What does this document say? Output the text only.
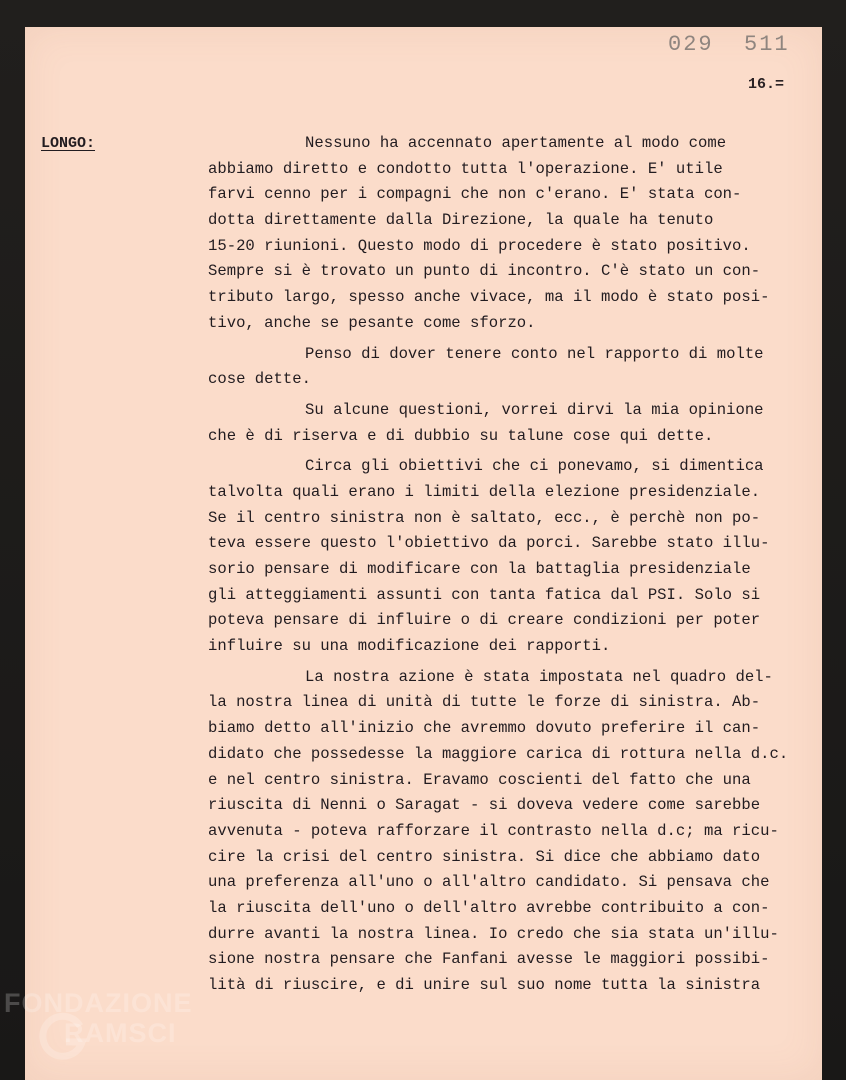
029  511
16.=
LONGO:	Nessuno ha accennato apertamente al modo come
abbiamo diretto e condotto tutta l'operazione. E' utile
farvi cenno per i compagni che non c'erano. E' stata con-
dotta direttamente dalla Direzione, la quale ha tenuto
15-20 riunioni. Questo modo di procedere è stato positivo.
Sempre si è trovato un punto di incontro. C'è stato un con-
tributo largo, spesso anche vivace, ma il modo è stato posi-
tivo, anche se pesante come sforzo.
Penso di dover tenere conto nel rapporto di molte
cose dette.
Su alcune questioni, vorrei dirvi la mia opinione
che è di riserva e di dubbio su talune cose qui dette.
Circa gli obiettivi che ci ponevamo, si dimentica
talvolta quali erano i limiti della elezione presidenziale.
Se il centro sinistra non è saltato, ecc., è perchè non po-
teva essere questo l'obiettivo da porci. Sarebbe stato illu-
sorio pensare di modificare con la battaglia presidenziale
gli atteggiamenti assunti con tanta fatica dal PSI. Solo si
poteva pensare di influire o di creare condizioni per poter
influire su una modificazione dei rapporti.
La nostra azione è stata impostata nel quadro del-
la nostra linea di unità di tutte le forze di sinistra. Ab-
biamo detto all'inizio che avremmo dovuto preferire il can-
didato che possedesse la maggiore carica di rottura nella d.c.
e nel centro sinistra. Eravamo coscienti del fatto che una
riuscita di Nenni o Saragat - si doveva vedere come sarebbe
avvenuta - poteva rafforzare il contrasto nella d.c; ma ricu-
cire la crisi del centro sinistra. Si dice che abbiamo dato
una preferenza all'uno o all'altro candidato. Si pensava che
la riuscita dell'uno o dell'altro avrebbe contribuito a con-
durre avanti la nostra linea. Io credo che sia stata un'illu-
sione nostra pensare che Fanfani avesse le maggiori possibi-
lità di riuscire, e di unire sul suo nome tutta la sinistra
FONDAZIONE
RAMSCI
